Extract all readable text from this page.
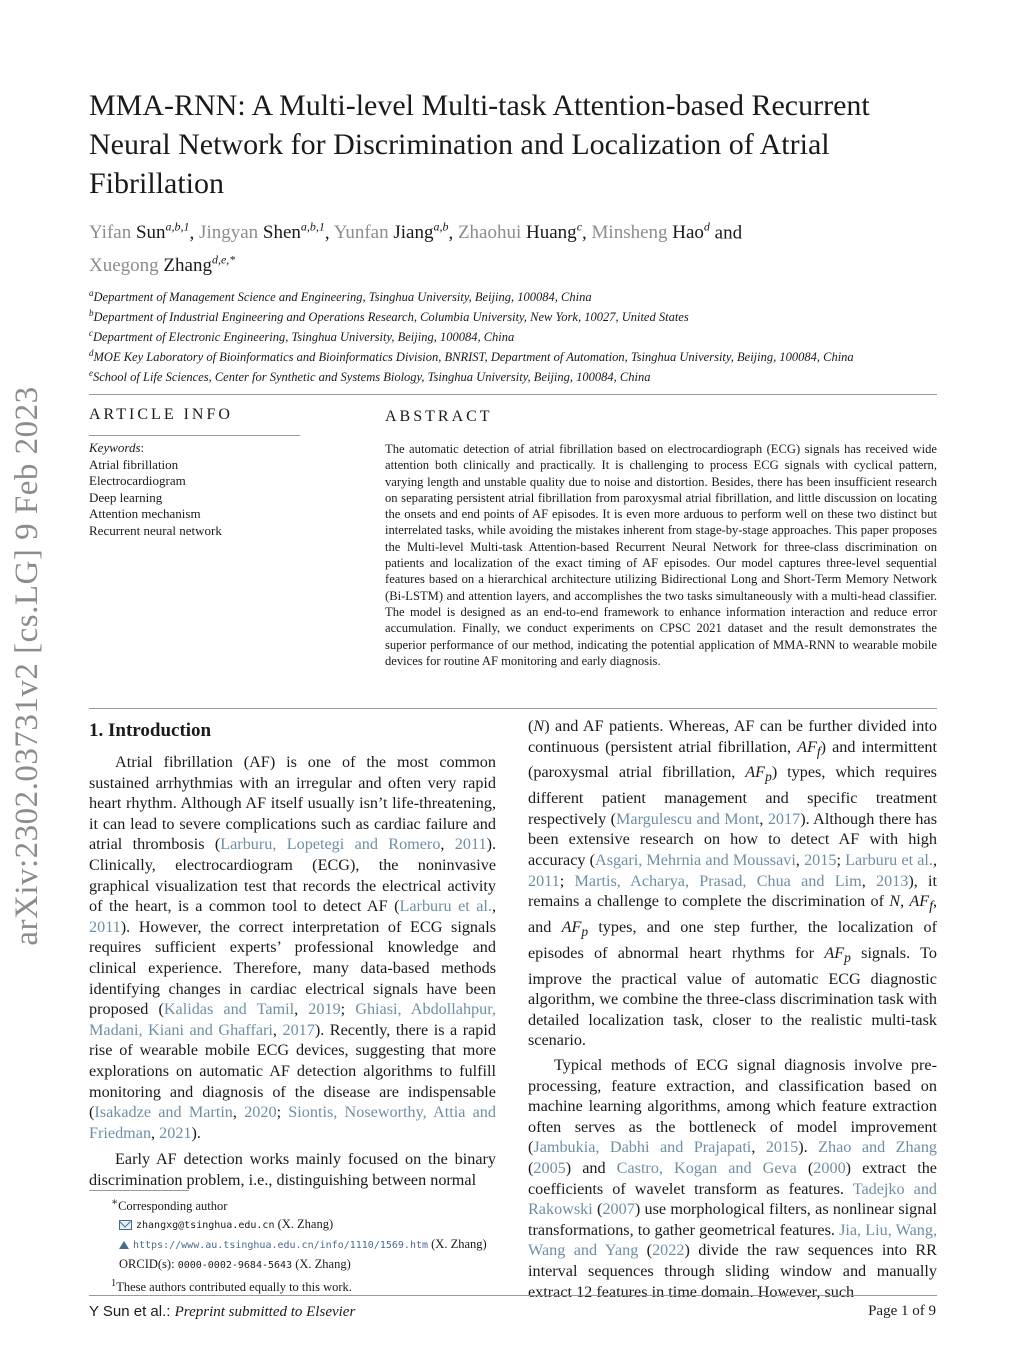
arXiv:2302.03731v2 [cs.LG] 9 Feb 2023
MMA-RNN: A Multi-level Multi-task Attention-based Recurrent Neural Network for Discrimination and Localization of Atrial Fibrillation
Yifan Sun$^{a,b,1}$, Jingyan Shen$^{a,b,1}$, Yunfan Jiang$^{a,b}$, Zhaohui Huang$^c$, Minsheng Hao$^d$ and
Xuegong Zhang$^{d,e,*}$
$^a$Department of Management Science and Engineering, Tsinghua University, Beijing, 100084, China
$^b$Department of Industrial Engineering and Operations Research, Columbia University, New York, 10027, United States
$^c$Department of Electronic Engineering, Tsinghua University, Beijing, 100084, China
$^d$MOE Key Laboratory of Bioinformatics and Bioinformatics Division, BNRIST, Department of Automation, Tsinghua University, Beijing, 100084, China
$^e$School of Life Sciences, Center for Synthetic and Systems Biology, Tsinghua University, Beijing, 100084, China
ARTICLE INFO
Keywords:
Atrial fibrillation
Electrocardiogram
Deep learning
Attention mechanism
Recurrent neural network
ABSTRACT

The automatic detection of atrial fibrillation based on electrocardiograph (ECG) signals has received wide attention both clinically and practically. It is challenging to process ECG signals with cyclical pattern, varying length and unstable quality due to noise and distortion. Besides, there has been insufficient research on separating persistent atrial fibrillation from paroxysmal atrial fibrillation, and little discussion on locating the onsets and end points of AF episodes. It is even more arduous to perform well on these two distinct but interrelated tasks, while avoiding the mistakes inherent from stage-by-stage approaches. This paper proposes the Multi-level Multi-task Attention-based Recurrent Neural Network for three-class discrimination on patients and localization of the exact timing of AF episodes. Our model captures three-level sequential features based on a hierarchical architecture utilizing Bidirectional Long and Short-Term Memory Network (Bi-LSTM) and attention layers, and accomplishes the two tasks simultaneously with a multi-head classifier. The model is designed as an end-to-end framework to enhance information interaction and reduce error accumulation. Finally, we conduct experiments on CPSC 2021 dataset and the result demonstrates the superior performance of our method, indicating the potential application of MMA-RNN to wearable mobile devices for routine AF monitoring and early diagnosis.

1. Introduction

Atrial fibrillation (AF) is one of the most common sustained arrhythmias with an irregular and often very rapid heart rhythm. Although AF itself usually isn’t life-threatening, it can lead to severe complications such as cardiac failure and atrial thrombosis (Larburu, Lopetegi and Romero, 2011). Clinically, electrocardiogram (ECG), the noninvasive graphical visualization test that records the electrical activity of the heart, is a common tool to detect AF (Larburu et al., 2011). However, the correct interpretation of ECG signals requires sufficient experts’ professional knowledge and clinical experience. Therefore, many data-based methods identifying changes in cardiac electrical signals have been proposed (Kalidas and Tamil, 2019; Ghiasi, Abdollahpur, Madani, Kiani and Ghaffari, 2017). Recently, there is a rapid rise of wearable mobile ECG devices, suggesting that more explorations on automatic AF detection algorithms to fulfill monitoring and diagnosis of the disease are indispensable (Isakadze and Martin, 2020; Siontis, Noseworthy, Attia and Friedman, 2021).

Early AF detection works mainly focused on the binary discrimination problem, i.e., distinguishing between normal

(N) and AF patients. Whereas, AF can be further divided into continuous (persistent atrial fibrillation, $AF_f$) and intermittent (paroxysmal atrial fibrillation, $AF_p$) types, which requires different patient management and specific treatment respectively (Margulescu and Mont, 2017). Although there has been extensive research on how to detect AF with high accuracy (Asgari, Mehrnia and Moussavi, 2015; Larburu et al., 2011; Martis, Acharya, Prasad, Chua and Lim, 2013), it remains a challenge to complete the discrimination of N, $AF_f$, and $AF_p$ types, and one step further, the localization of episodes of abnormal heart rhythms for $AF_p$ signals. To improve the practical value of automatic ECG diagnostic algorithm, we combine the three-class discrimination task with detailed localization task, closer to the realistic multi-task scenario.

Typical methods of ECG signal diagnosis involve pre-processing, feature extraction, and classification based on machine learning algorithms, among which feature extraction often serves as the bottleneck of model improvement (Jambukia, Dabhi and Prajapati, 2015). Zhao and Zhang (2005) and Castro, Kogan and Geva (2000) extract the coefficients of wavelet transform as features. Tadejko and Rakowski (2007) use morphological filters, as nonlinear signal transformations, to gather geometrical features. Jia, Liu, Wang, Wang and Yang (2022) divide the raw sequences into RR interval sequences through sliding window and manually extract 12 features in time domain. However, such

∗Corresponding author
zhangxg@tsinghua.edu.cn (X. Zhang)
https://www.au.tsinghua.edu.cn/info/1110/1569.htm (X. Zhang)
ORCID(s): 0000-0002-9684-5643 (X. Zhang)
$^1$These authors contributed equally to this work.
Y Sun et al.: Preprint submitted to Elsevier	Page 1 of 9
